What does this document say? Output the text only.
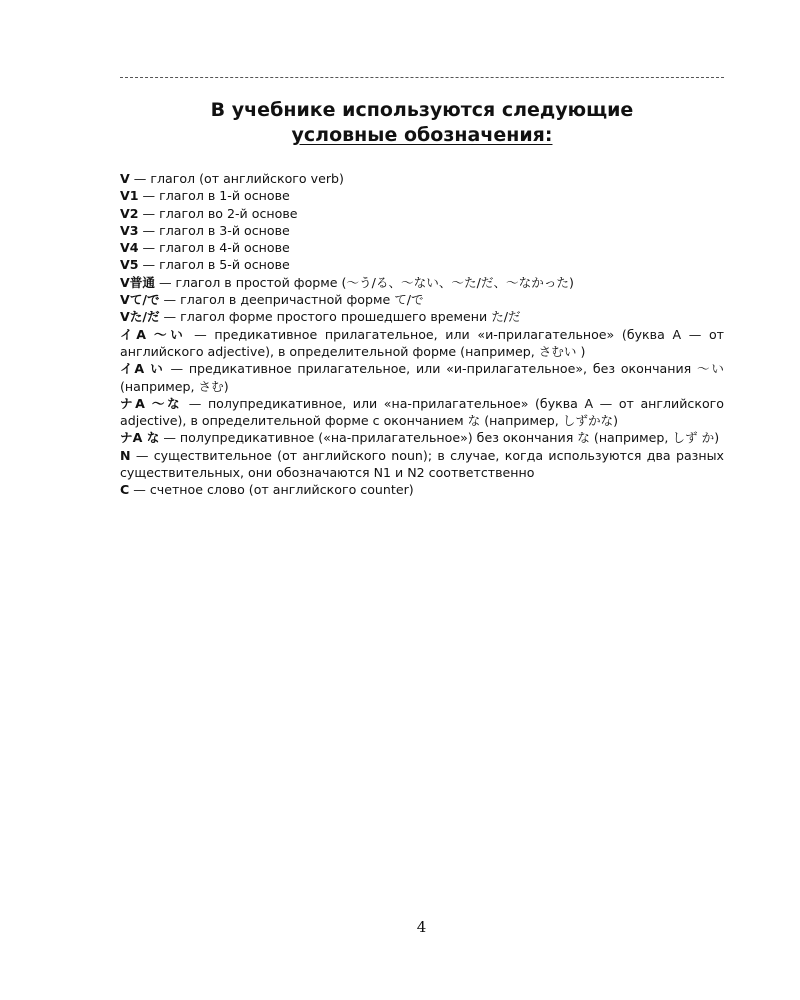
В учебнике используются следующие
условные обозначения:

V — глагол (от английского verb)

V1 — глагол в 1-й основе

V2 — глагол во 2-й основе

V3 — глагол в 3-й основе

V4 — глагол в 4-й основе

V5 — глагол в 5-й основе

V普通 — глагол в простой форме (〜う/る、〜ない、〜た/だ、〜なかった)

Vて/で — глагол в деепричастной форме て/で

Vた/だ — глагол форме простого прошедшего времени た/だ

イA 〜い — предикативное прилагательное, или «и-прилагательное» (буква А — от английского adjective), в определительной форме (например, さむい )

イA い — предикативное прилагательное, или «и-прилагательное», без окончания 〜い (например, さむ)

ナA 〜な — полупредикативное, или «на-прилагательное» (буква А — от английского adjective), в определительной форме с окончанием な (например, しずかな)

ナA な — полупредикативное («на-прилагательное») без окончания な (например, しず か)

N — существительное (от английского noun); в случае, когда используются два разных существительных, они обозначаются N1 и N2 соответственно

C — счетное слово (от английского counter)

4
